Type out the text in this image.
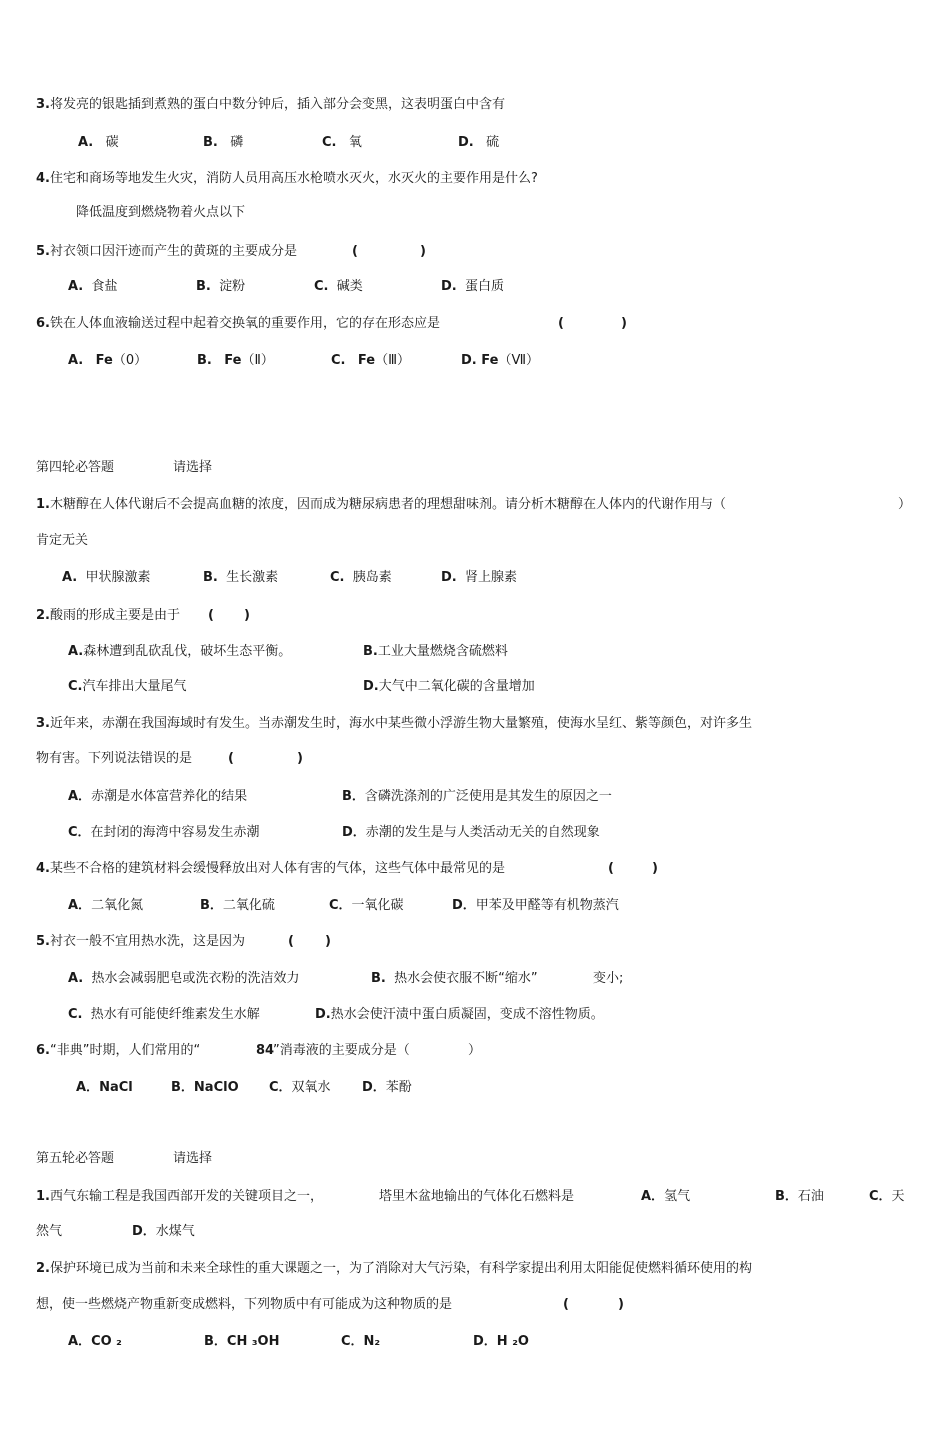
3.将发亮的银匙插到煮熟的蛋白中数分钟后，插入部分会变黑，这表明蛋白中含有
A. 碳	B. 磷	C. 氧	D. 硫
4.住宅和商场等地发生火灾，消防人员用高压水枪喷水灭火，水灭火的主要作用是什么?
降低温度到燃烧物着火点以下
5.衬衣领口因汗迹而产生的黄斑的主要成分是	(	)
A. 食盐	B. 淀粉	C. 碱类	D. 蛋白质
6.铁在人体血液输送过程中起着交换氧的重要作用，它的存在形态应是	(	)
A. Fe（0）	B. Fe（Ⅱ）	C. Fe（Ⅲ）	D. Fe（Ⅶ）
第四轮必答题	请选择
1.木糖醇在人体代谢后不会提高血糖的浓度，因而成为糖尿病患者的理想甜味剂。请分析木糖醇在人体内的代谢作用与（	）
肯定无关
A. 甲状腺激素	B. 生长激素	C. 胰岛素	D. 肾上腺素
2.酸雨的形成主要是由于 ( )
A.森林遭到乱砍乱伐，破坏生态平衡。	B.工业大量燃烧含硫燃料
C.汽车排出大量尾气	D.大气中二氧化碳的含量增加
3.近年来，赤潮在我国海域时有发生。当赤潮发生时，海水中某些微小浮游生物大量繁殖，使海水呈红、紫等颜色，对许多生
物有害。下列说法错误的是	(	)
A．赤潮是水体富营养化的结果	B．含磷洗涤剂的广泛使用是其发生的原因之一
C．在封闭的海湾中容易发生赤潮	D．赤潮的发生是与人类活动无关的自然现象
4.某些不合格的建筑材料会缓慢释放出对人体有害的气体，这些气体中最常见的是	(	)
A．二氧化氮	B．二氧化硫	C．一氧化碳	D．甲苯及甲醛等有机物蒸汽
5.衬衣一般不宜用热水洗，这是因为	( )
A. 热水会减弱肥皂或洗衣粉的洗洁效力	B. 热水会使衣服不断“缩水”	变小;
C. 热水有可能使纤维素发生水解	D.热水会使汗渍中蛋白质凝固，变成不溶性物质。
6.“非典”时期，人们常用的“	84
”消毒液的主要成分是（	）
A．NaCl	B．NaClO C．双氧水 D．苯酚
第五轮必答题	请选择
1.西气东输工程是我国西部开发的关键项目之一，	塔里木盆地输出的气体化石燃料是	A．氢气	B．石油	C．天
然气	D．水煤气
2.保护环境已成为当前和未来全球性的重大课题之一，为了消除对大气污染，有科学家提出利用太阳能促使燃料循环使用的构
想，使一些燃烧产物重新变成燃料，下列物质中有可能成为这种物质的是	(	)
A．CO ₂	B．CH ₃OH	C．N₂	D．H ₂O
